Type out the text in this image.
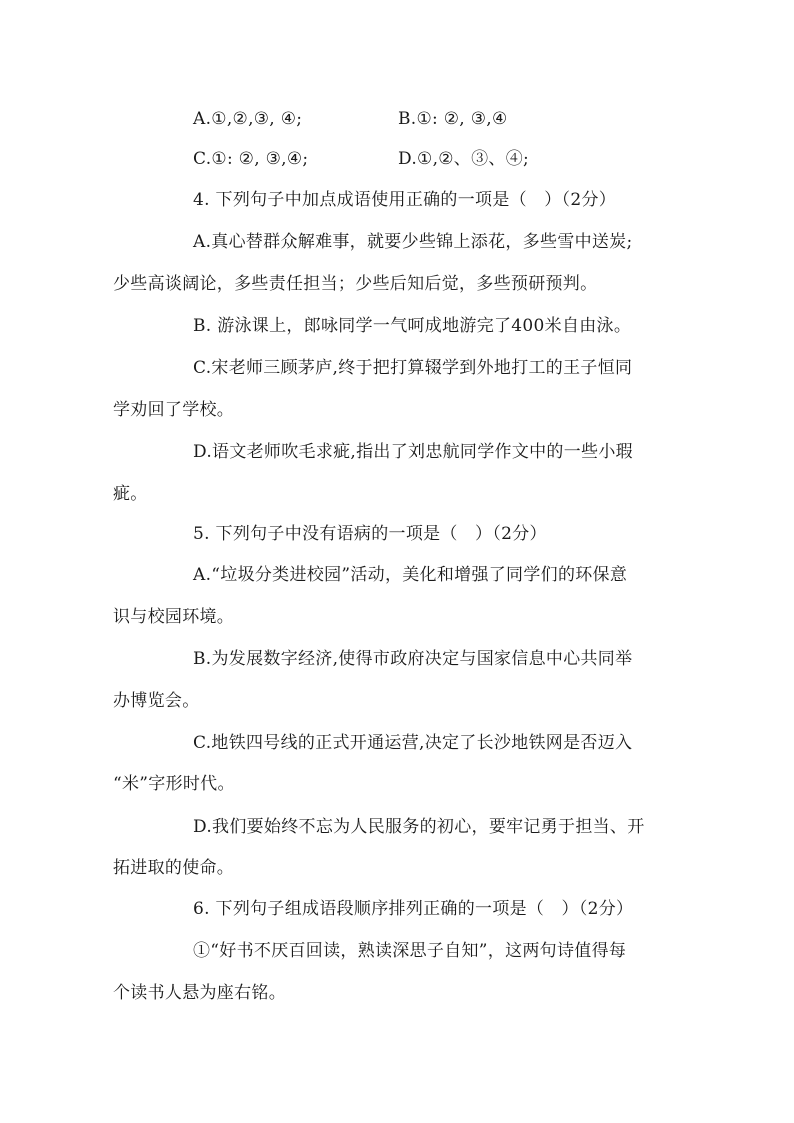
A.①,②,③, ④;	B.①: ②, ③,④
C.①: ②, ③,④;	D.①,②、③、④;
4. 下列句子中加点成语使用正确的一项是（　）（2分）
A.真心替群众解难事，就要少些锦上添花，多些雪中送炭;
少些高谈阔论，多些责任担当；少些后知后觉，多些预研预判。
B. 游泳课上，郎咏同学一气呵成地游完了400米自由泳。
C.宋老师三顾茅庐,终于把打算辍学到外地打工的王子恒同
学劝回了学校。
D.语文老师吹毛求疵,指出了刘忠航同学作文中的一些小瑕
疵。
5. 下列句子中没有语病的一项是（　）（2分）
A.“垃圾分类进校园”活动，美化和增强了同学们的环保意
识与校园环境。
B.为发展数字经济,使得市政府决定与国家信息中心共同举
办博览会。
C.地铁四号线的正式开通运营,决定了长沙地铁网是否迈入
“米”字形时代。
D.我们要始终不忘为人民服务的初心，要牢记勇于担当、开
拓进取的使命。
6. 下列句子组成语段顺序排列正确的一项是（　）（2分）
①“好书不厌百回读，熟读深思子自知”，这两句诗值得每
个读书人悬为座右铭。
